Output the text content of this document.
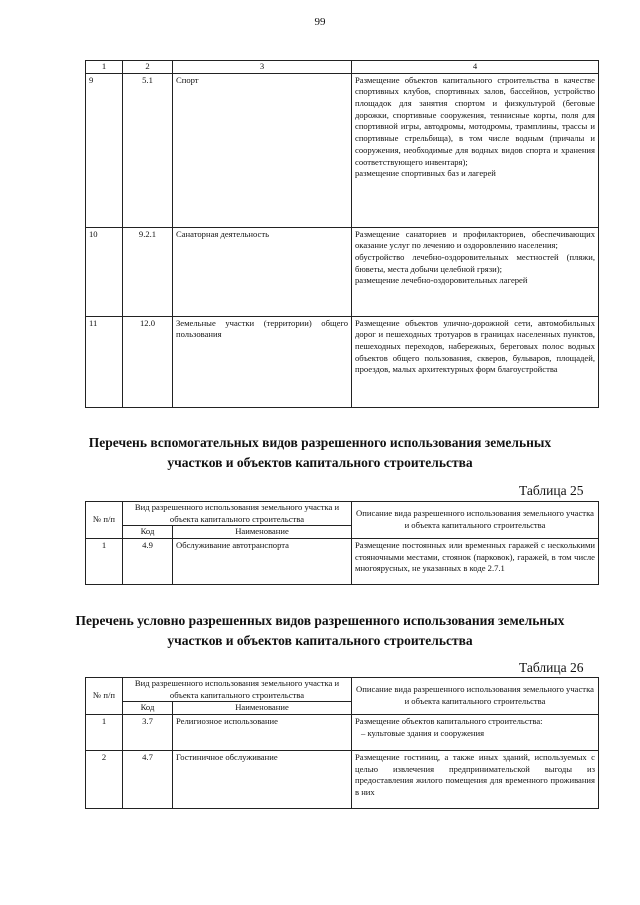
99
1	2	3	4
9	5.1	Спорт	Размещение объектов капитального строительства в качестве спортивных клубов, спортивных залов, бассейнов, устройство площадок для занятия спортом и физкультурой (беговые дорожки, спортивные сооружения, теннисные корты, поля для спортивной игры, автодромы, мотодромы, трамплины, трассы и спортивные стрельбища), в том числе водным (причалы и сооружения, необходимые для водных видов спорта и хранения соответствующего инвентаря);
размещение спортивных баз и лагерей

10	9.2.1	Санаторная деятельность	Размещение санаториев и профилакториев, обеспечивающих оказание услуг по лечению и оздоровлению населения;
обустройство лечебно-оздоровительных местностей (пляжи, бюветы, места добычи целебной грязи);
размещение лечебно-оздоровительных лагерей

11	12.0	Земельные участки (территории) общего пользования	Размещение объектов улично-дорожной сети, автомобильных дорог и пешеходных тротуаров в границах населенных пунктов, пешеходных переходов, набережных, береговых полос водных объектов общего пользования, скверов, бульваров, площадей, проездов, малых архитектурных форм благоустройства
Перечень вспомогательных видов разрешенного использования земельных участков и объектов капитального строительства
Таблица 25
№ п/п	Вид разрешенного использования земельного участка и объекта капитального строительства		Описание вида разрешенного использования земельного участка и объекта капитального строительства
	Код	Наименование	
1	4.9	Обслуживание автотранспорта	Размещение постоянных или временных гаражей с несколькими стояночными местами, стоянок (парковок), гаражей, в том числе многоярусных, не указанных в коде 2.7.1
Перечень условно разрешенных видов разрешенного использования земельных участков и объектов капитального строительства
Таблица 26
№ п/п	Вид разрешенного использования земельного участка и объекта капитального строительства		Описание вида разрешенного использования земельного участка и объекта капитального строительства
	Код	Наименование	
1	3.7	Религиозное использование	Размещение объектов капитального строительства:
– культовые здания и сооружения

2	4.7	Гостиничное обслуживание	Размещение гостиниц, а также иных зданий, используемых с целью извлечения предпринимательской выгоды из предоставления жилого помещения для временного проживания в них
